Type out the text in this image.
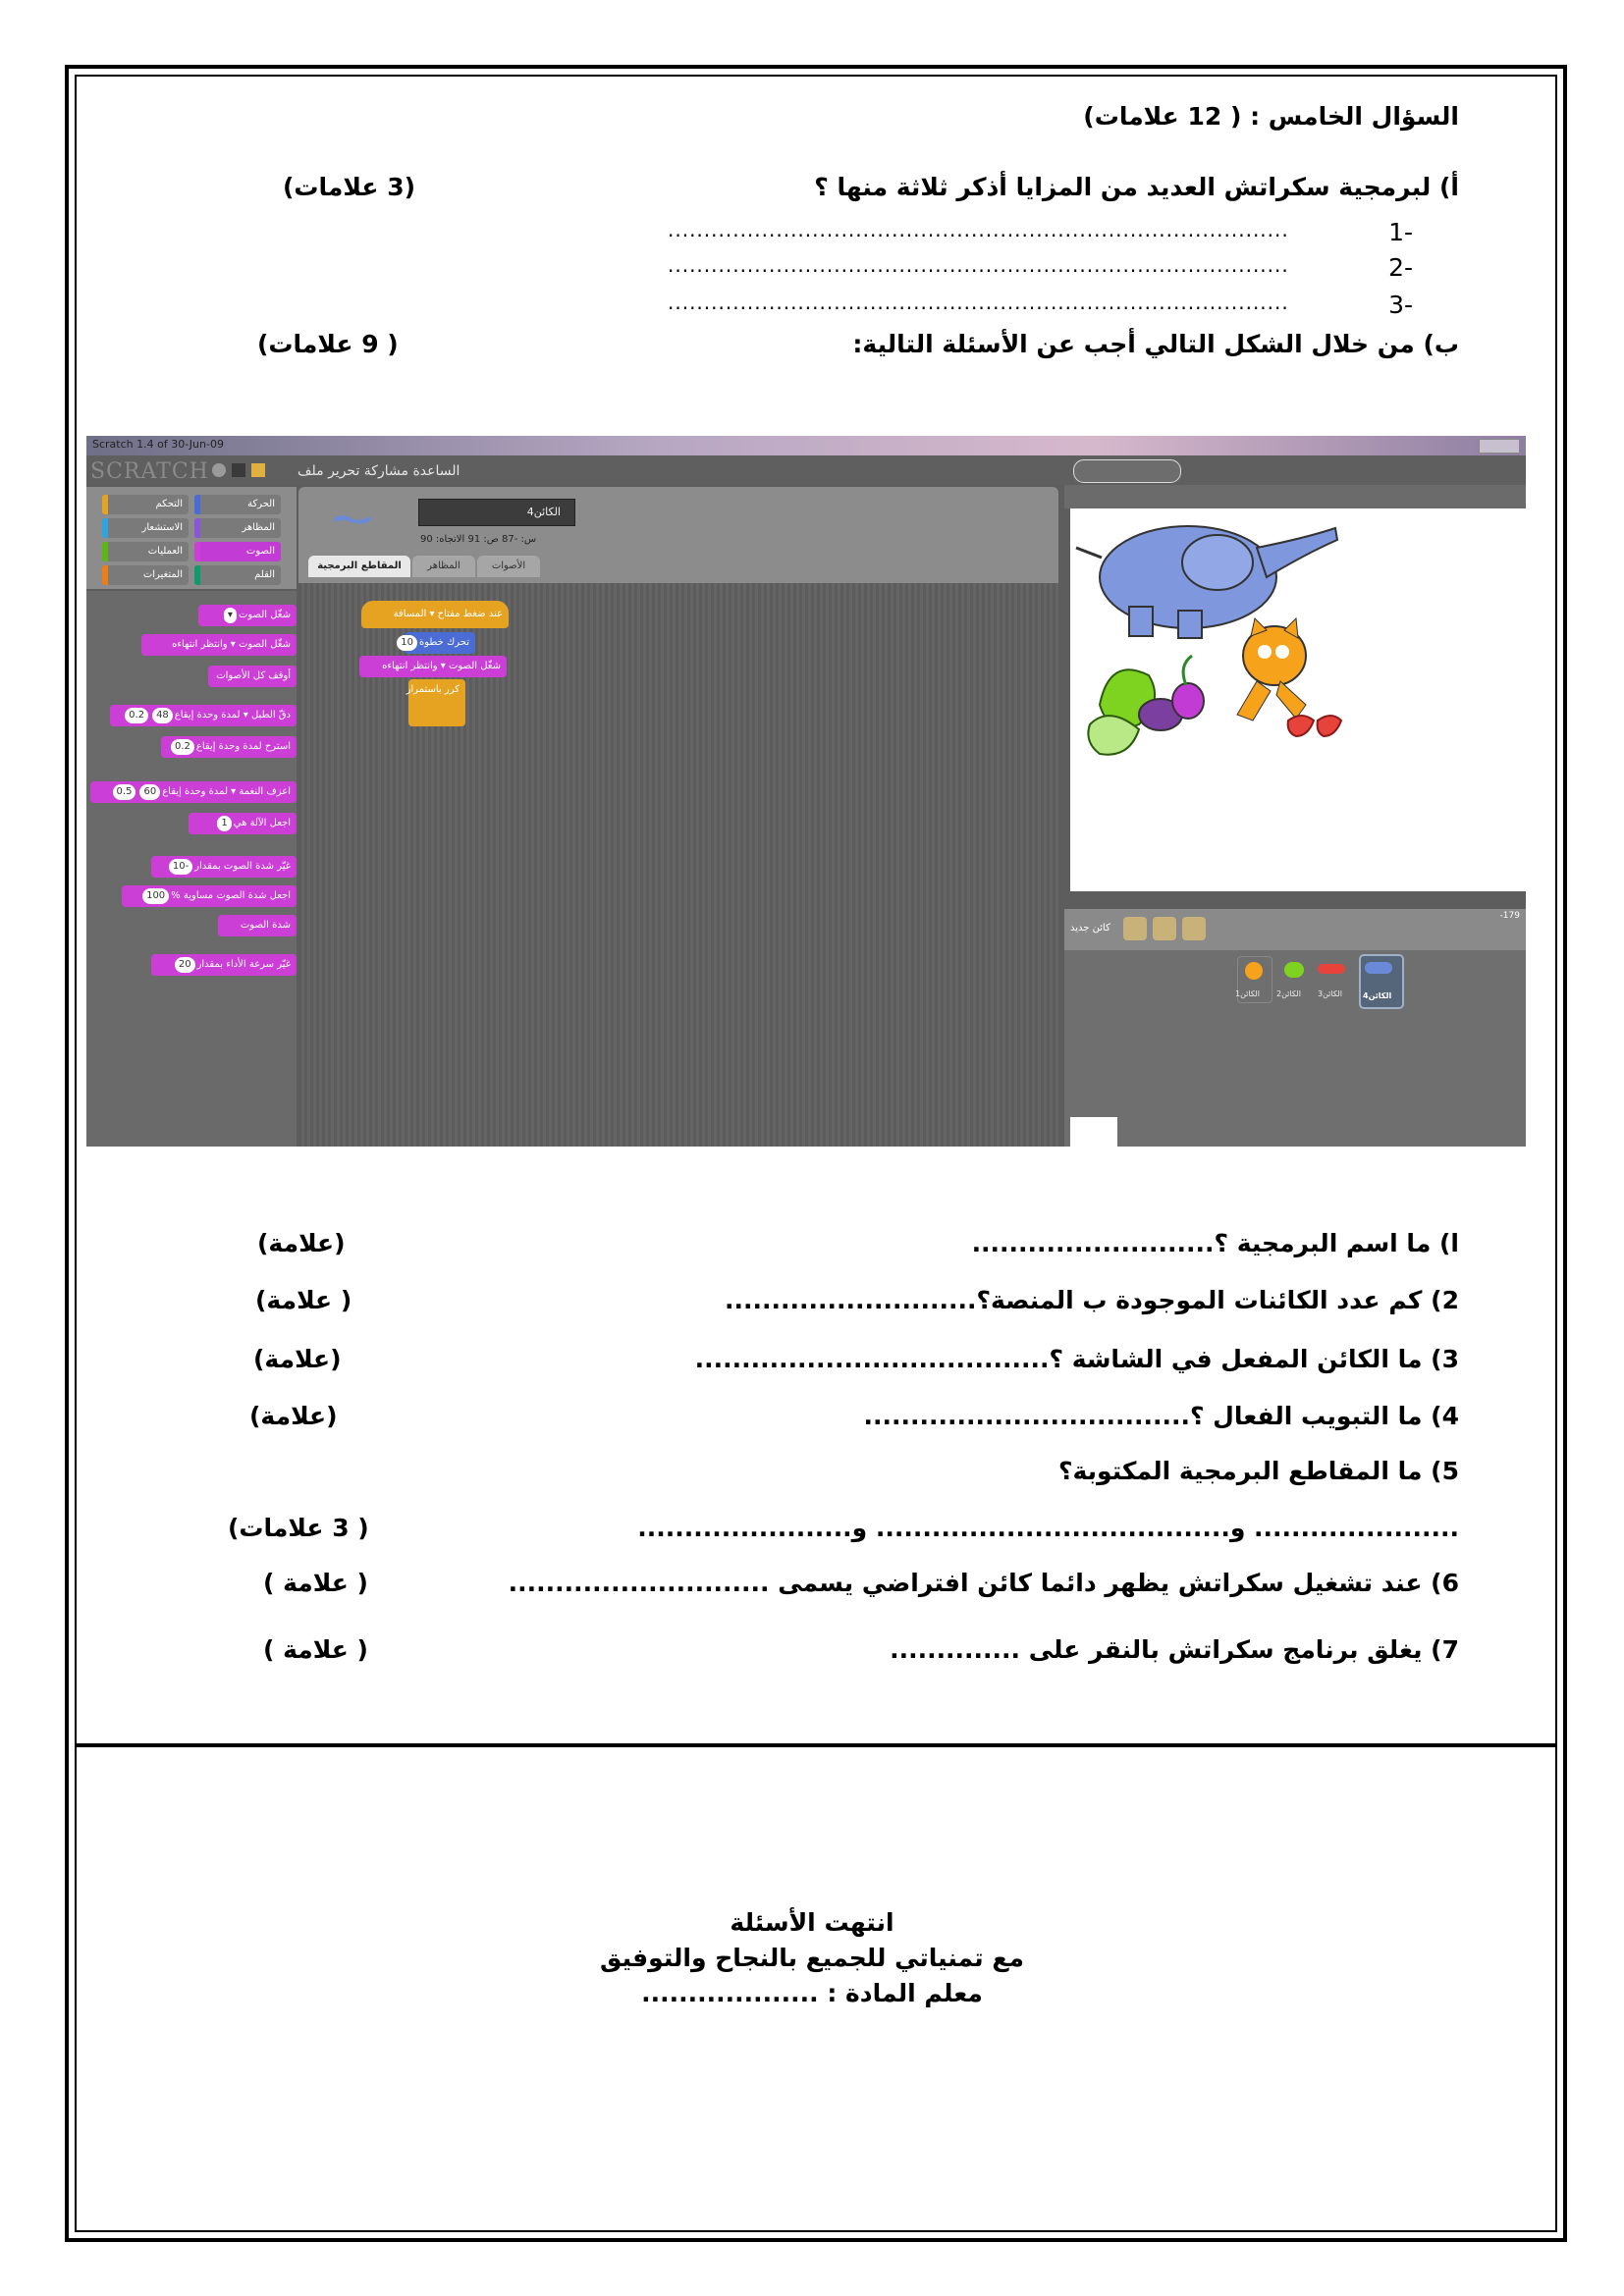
السؤال الخامس : ( 12 علامات)
أ) لبرمجية سكراتش العديد من المزايا أذكر ثلاثة منها ؟
(3 علامات)
-1
......................................................................................
-2
......................................................................................
-3
......................................................................................
ب) من خلال الشكل التالي أجب عن الأسئلة التالية:
( 9 علامات)
Scratch 1.4 of 30-Jun-09
SCRATCH	الساعدة مشاركة تحرير ملف
الحركة
التحكم
المظاهر
الاستشعار
الصوت
العمليات
القلم
المتغيرات
شغّل الصوت▾
شغّل الصوت ▾ وانتظر انتهاءه
أوقف كل الأصوات
دقّ الطبل ▾ لمدة وحدة إيقاع480.2
استرح لمدة وحدة إيقاع0.2
اعزف النغمة ▾ لمدة وحدة إيقاع600.5
اجعل الآلة هي1
غيّر شدة الصوت بمقدار-10
اجعل شدة الصوت مساوية %100
شدة الصوت
غيّر سرعة الأداء بمقدار20
الكائن4
س: -87 ص: 91 الاتجاه: 90
المقاطع البرمجية	المظاهر	الأصوات
عند ضغط مفتاح ▾ المسافة
تحرك خطوة10
شغّل الصوت ▾ وانتظر انتهاءه
كرر باستمرار
كائن جديد
-179
الكائن1 الكائن2 الكائن3	الكائن4
ا) ما اسم البرمجية ؟..........................
(علامة)
2) كم عدد الكائنات الموجودة ب المنصة؟...........................
( علامة)
3) ما الكائن المفعل في الشاشة ؟......................................
(علامة)
4) ما التبويب الفعال ؟...................................
(علامة)
5) ما المقاطع البرمجية المكتوبة؟
...................... و...................................... و.......................
( 3 علامات)
6) عند تشغيل سكراتش يظهر دائما كائن افتراضي يسمى ............................
( علامة )
7) يغلق برنامج سكراتش بالنقر على ..............
( علامة )
انتهت الأسئلة
مع تمنياتي للجميع بالنجاح والتوفيق
معلم المادة : ...................
